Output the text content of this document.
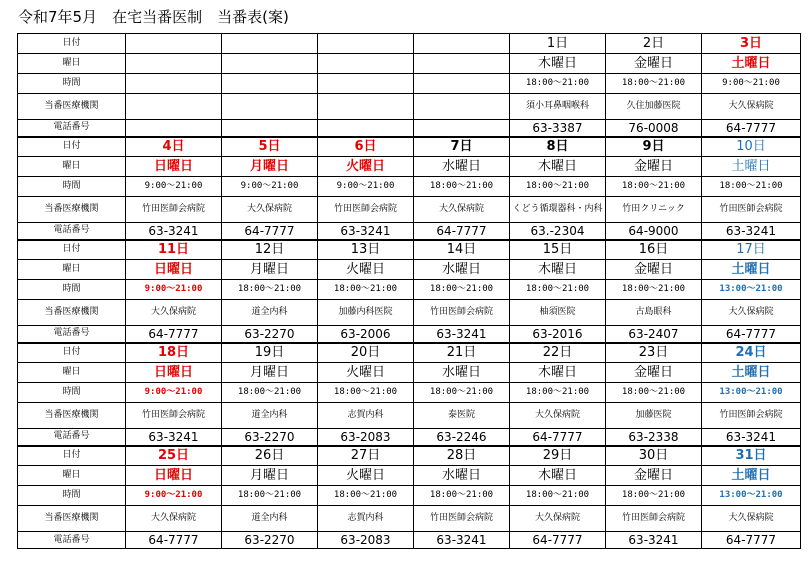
令和7年5月　在宅当番医制　当番表(案)
日付					1日	2日	3日
曜日					木曜日	金曜日	土曜日
時間					18:00～21:00	18:00～21:00	9:00～21:00
当番医療機関					須小耳鼻咽喉科	久住加藤医院	大久保病院
電話番号					63-3387	76-0008	64-7777
日付	4日	5日	6日	7日	8日	9日	10日
曜日	日曜日	月曜日	火曜日	水曜日	木曜日	金曜日	土曜日
時間	9:00～21:00	9:00～21:00	9:00～21:00	18:00～21:00	18:00～21:00	18:00～21:00	18:00～21:00
当番医療機関	竹田医師会病院	大久保病院	竹田医師会病院	大久保病院	くどう循環器科・内科	竹田クリニック	竹田医師会病院
電話番号	63-3241	64-7777	63-3241	64-7777	63.-2304	64-9000	63-3241
日付	11日	12日	13日	14日	15日	16日	17日
曜日	日曜日	月曜日	火曜日	水曜日	木曜日	金曜日	土曜日
時間	9:00～21:00	18:00～21:00	18:00～21:00	18:00～21:00	18:00～21:00	18:00～21:00	13:00～21:00
当番医療機関	大久保病院	道全内科	加藤内科医院	竹田医師会病院	柚須医院	古島眼科	大久保病院
電話番号	64-7777	63-2270	63-2006	63-3241	63-2016	63-2407	64-7777
日付	18日	19日	20日	21日	22日	23日	24日
曜日	日曜日	月曜日	火曜日	水曜日	木曜日	金曜日	土曜日
時間	9:00～21:00	18:00～21:00	18:00～21:00	18:00～21:00	18:00～21:00	18:00～21:00	13:00～21:00
当番医療機関	竹田医師会病院	道全内科	志賀内科	泰医院	大久保病院	加藤医院	竹田医師会病院
電話番号	63-3241	63-2270	63-2083	63-2246	64-7777	63-2338	63-3241
日付	25日	26日	27日	28日	29日	30日	31日
曜日	日曜日	月曜日	火曜日	水曜日	木曜日	金曜日	土曜日
時間	9:00～21:00	18:00～21:00	18:00～21:00	18:00～21:00	18:00～21:00	18:00～21:00	13:00～21:00
当番医療機関	大久保病院	道全内科	志賀内科	竹田医師会病院	大久保病院	竹田医師会病院	大久保病院
電話番号	64-7777	63-2270	63-2083	63-3241	64-7777	63-3241	64-7777
